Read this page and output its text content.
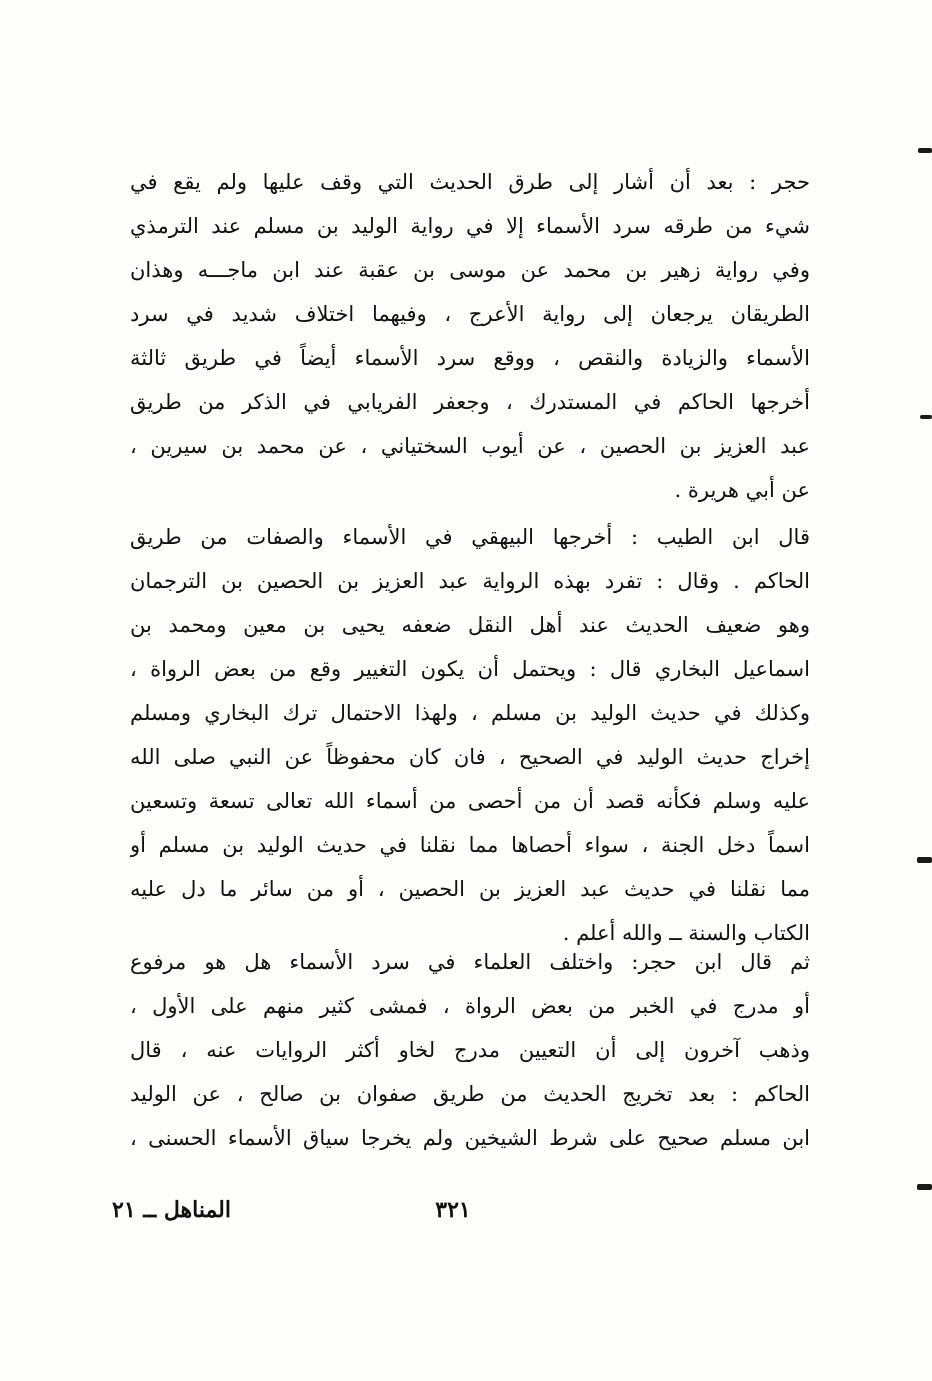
حجر : بعد أن أشار إلى طرق الحديث التي وقف عليها ولم يقع في
شيء من طرقه سرد الأسماء إلا في رواية الوليد بن مسلم عند الترمذي
وفي رواية زهير بن محمد عن موسى بن عقبة عند ابن ماجـــه وهذان
الطريقان يرجعان إلى رواية الأعرج ، وفيهما اختلاف شديد في سرد
الأسماء والزيادة والنقص ، ووقع سرد الأسماء أيضاً في طريق ثالثة
أخرجها الحاكم في المستدرك ، وجعفر الفريابي في الذكر من طريق
عبد العزيز بن الحصين ، عن أيوب السختياني ، عن محمد بن سيرين ،
عن أبي هريرة .
قال ابن الطيب : أخرجها البيهقي في الأسماء والصفات من طريق
الحاكم . وقال : تفرد بهذه الرواية عبد العزيز بن الحصين بن الترجمان
وهو ضعيف الحديث عند أهل النقل ضعفه يحيى بن معين ومحمد بن
اسماعيل البخاري قال : ويحتمل أن يكون التغيير وقع من بعض الرواة ،
وكذلك في حديث الوليد بن مسلم ، ولهذا الاحتمال ترك البخاري ومسلم
إخراج حديث الوليد في الصحيح ، فان كان محفوظاً عن النبي صلى الله
عليه وسلم فكأنه قصد أن من أحصى من أسماء الله تعالى تسعة وتسعين
اسماً دخل الجنة ، سواء أحصاها مما نقلنا في حديث الوليد بن مسلم أو
مما نقلنا في حديث عبد العزيز بن الحصين ، أو من سائر ما دل عليه
الكتاب والسنة ــ والله أعلم .
ثم قال ابن حجر: واختلف العلماء في سرد الأسماء هل هو مرفوع
أو مدرج في الخبر من بعض الرواة ، فمشى كثير منهم على الأول ،
وذهب آخرون إلى أن التعيين مدرج لخاو أكثر الروايات عنه ، قال
الحاكم : بعد تخريج الحديث من طريق صفوان بن صالح ، عن الوليد
ابن مسلم صحيح على شرط الشيخين ولم يخرجا سياق الأسماء الحسنى ،
المناهل ــ ٢١	٣٢١
